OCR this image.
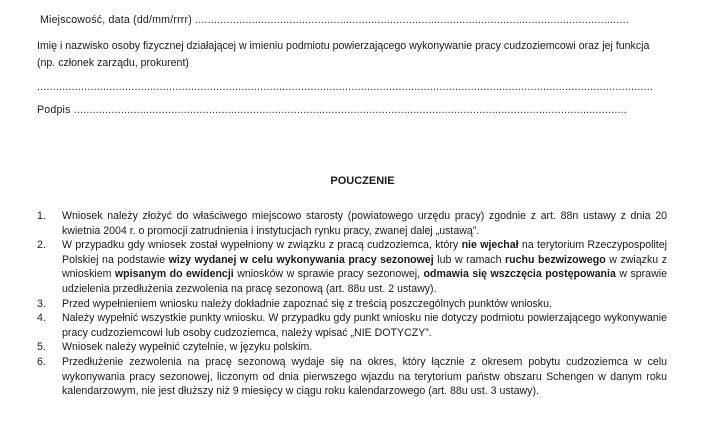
Miejscowość, data (dd/mm/rrrr) ..........................................................................................................................................
Imię i nazwisko osoby fizycznej działającej w imieniu podmiotu powierzającego wykonywanie pracy cudzoziemcowi oraz jej funkcja (np. członek zarządu, prokurent)
....................................................................................................................................................................................................
Podpis ................................................................................................................................................................................
POUCZENIE
1. Wniosek należy złożyć do właściwego miejscowo starosty (powiatowego urzędu pracy) zgodnie z art. 88n ustawy z dnia 20 kwietnia 2004 r. o promocji zatrudnienia i instytucjach rynku pracy, zwanej dalej „ustawą”.
2. W przypadku gdy wniosek został wypełniony w związku z pracą cudzoziemca, który nie wjechał na terytorium Rzeczypospolitej Polskiej na podstawie wizy wydanej w celu wykonywania pracy sezonowej lub w ramach ruchu bezwizowego w związku z wnioskiem wpisanym do ewidencji wniosków w sprawie pracy sezonowej, odmawia się wszczęcia postępowania w sprawie udzielenia przedłużenia zezwolenia na pracę sezonową (art. 88u ust. 2 ustawy).
3. Przed wypełnieniem wniosku należy dokładnie zapoznać się z treścią poszczególnych punktów wniosku.
4. Należy wypełnić wszystkie punkty wniosku. W przypadku gdy punkt wniosku nie dotyczy podmiotu powierzającego wykonywanie pracy cudzoziemcowi lub osoby cudzoziemca, należy wpisać „NIE DOTYCZY”.
5. Wniosek należy wypełnić czytelnie, w języku polskim.
6. Przedłużenie zezwolenia na pracę sezonową wydaje się na okres, który łącznie z okresem pobytu cudzoziemca w celu wykonywania pracy sezonowej, liczonym od dnia pierwszego wjazdu na terytorium państw obszaru Schengen w danym roku kalendarzowym, nie jest dłuższy niż 9 miesięcy w ciągu roku kalendarzowego (art. 88u ust. 3 ustawy).
